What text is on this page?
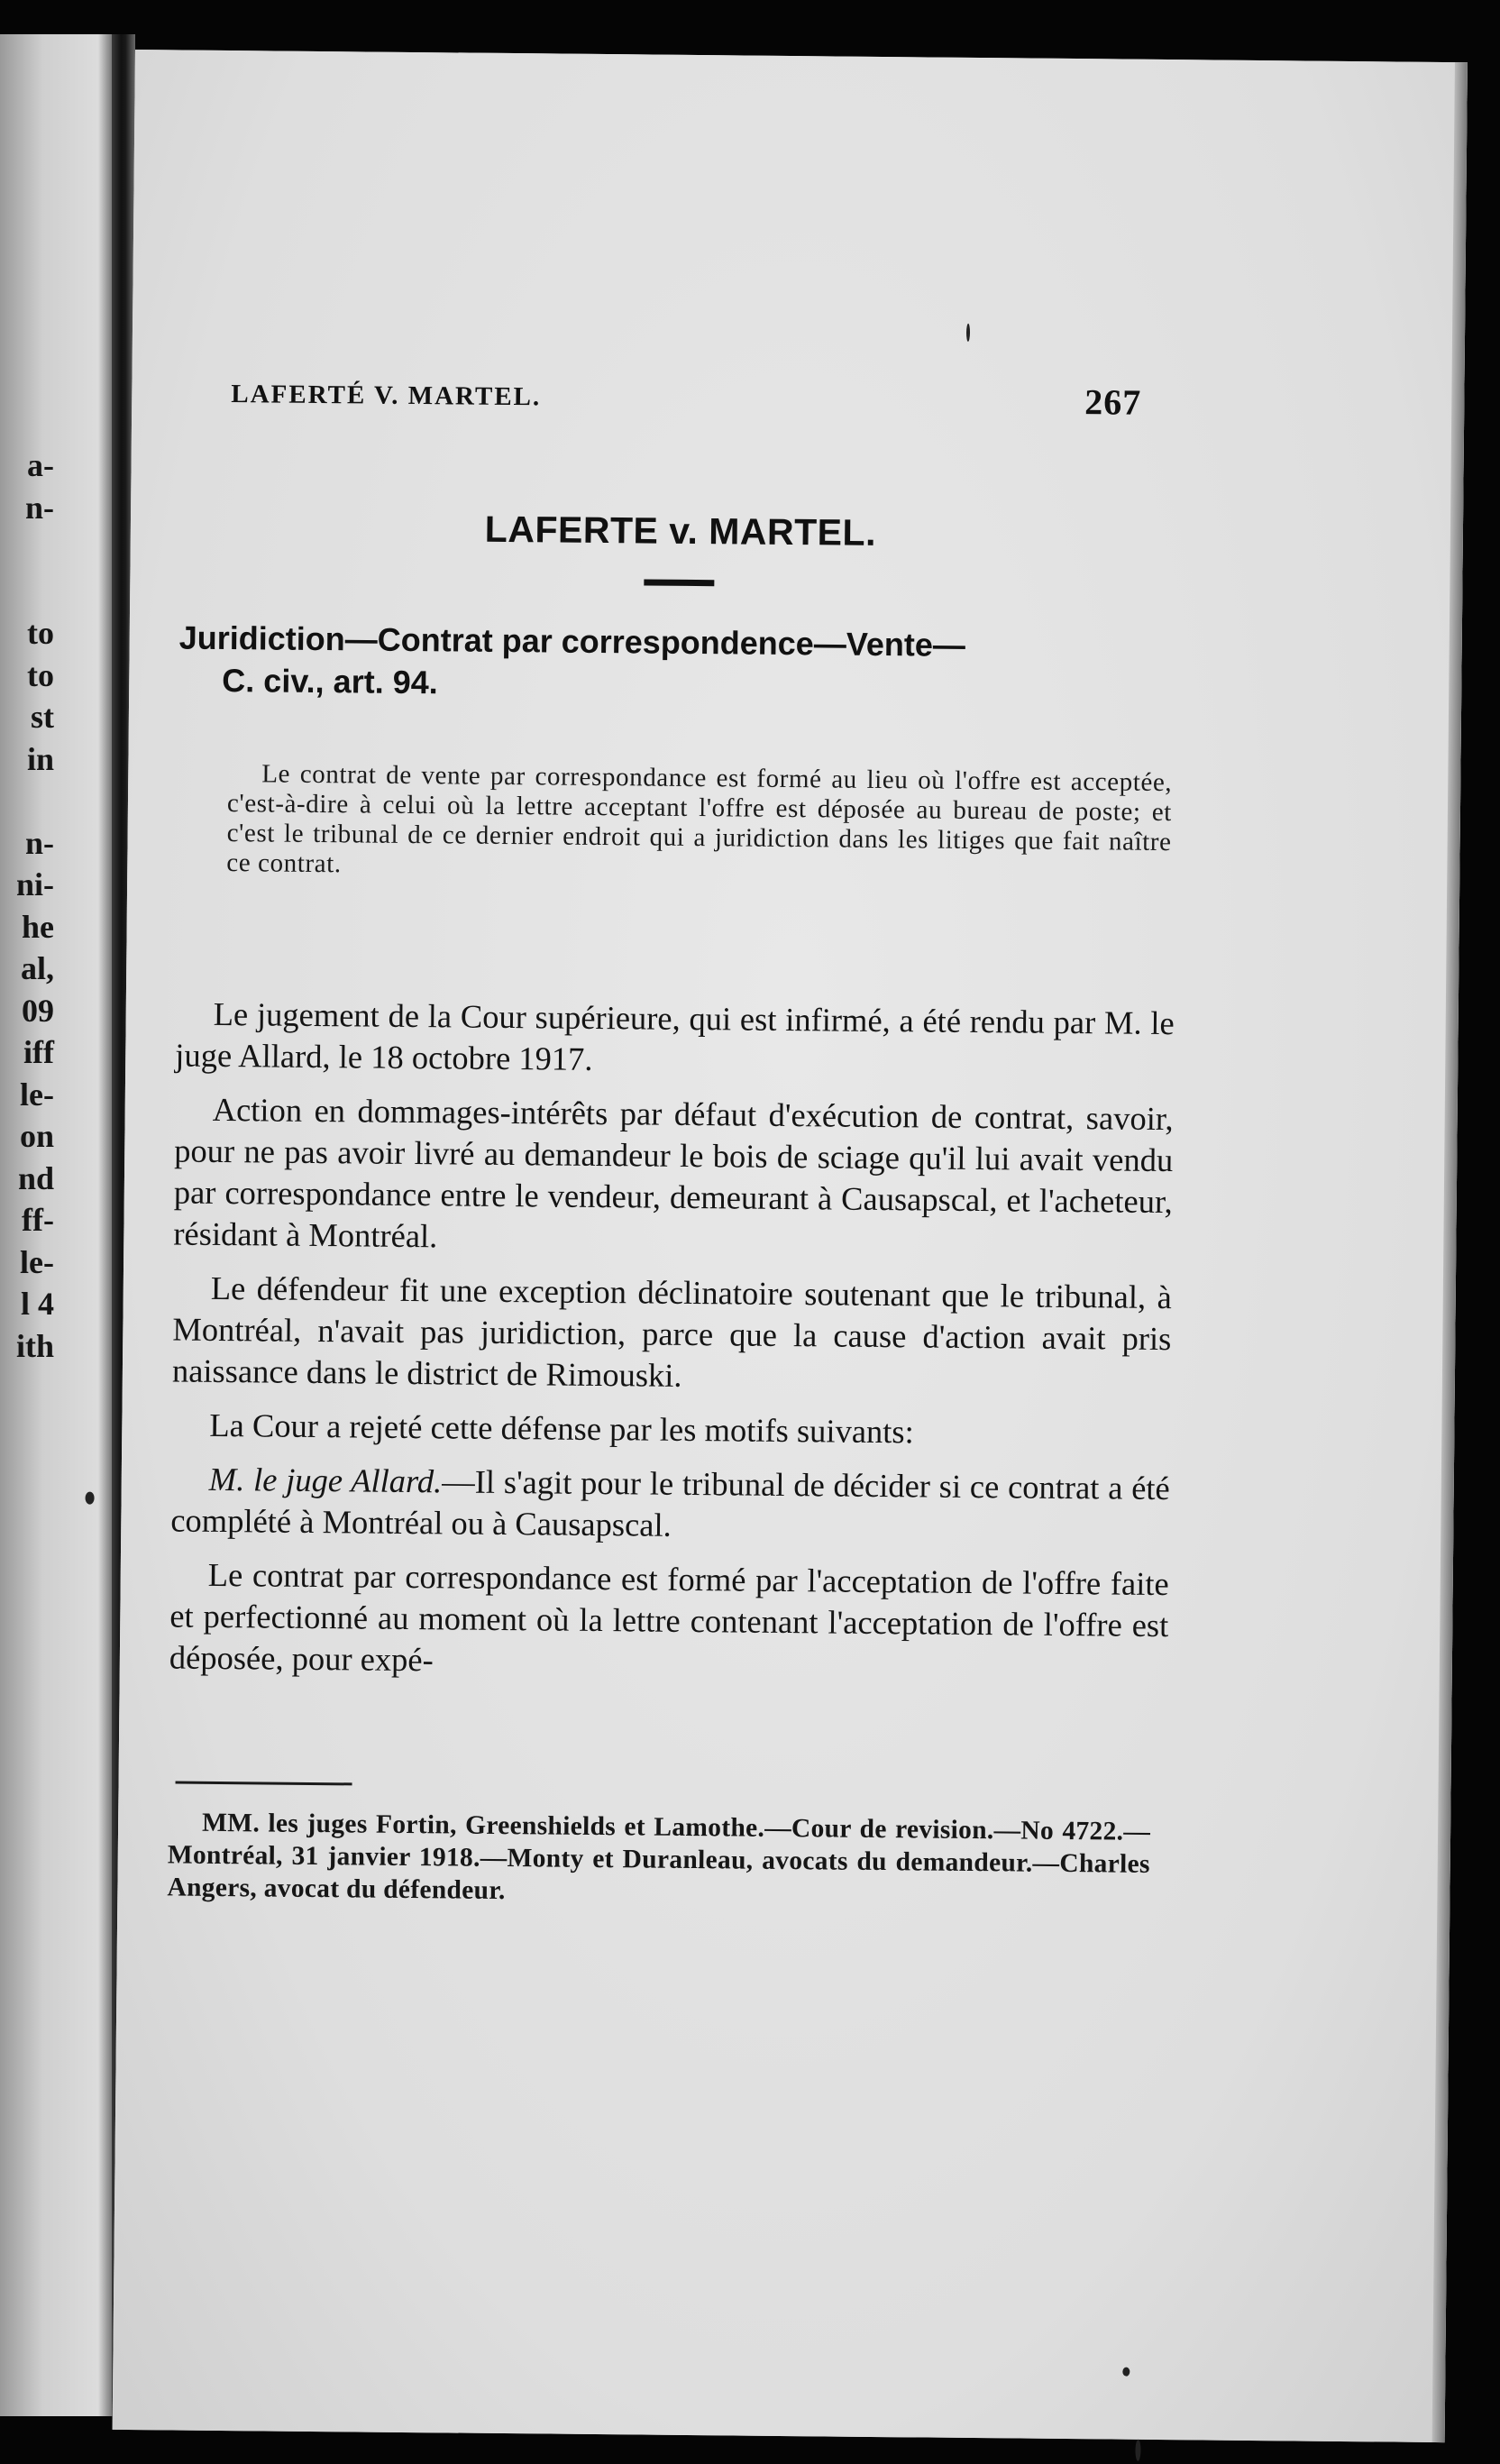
a-
n-
to
to
st
in
n-
ni-
he
al,
09
iff
le-
on
nd
ff-
le-
l 4
ith
LAFERTÉ V. MARTEL.	267
LAFERTE v. MARTEL.
Juridiction—Contrat par correspondence—Vente—
C. civ., art. 94.
Le contrat de vente par correspondance est formé au lieu où l'offre est acceptée, c'est-à-dire à celui où la lettre acceptant l'offre est déposée au bureau de poste; et c'est le tribunal de ce dernier endroit qui a juridiction dans les litiges que fait naître ce contrat.

Le jugement de la Cour supérieure, qui est infirmé, a été rendu par M. le juge Allard, le 18 octobre 1917.

Action en dommages-intérêts par défaut d'exécution de contrat, savoir, pour ne pas avoir livré au demandeur le bois de sciage qu'il lui avait vendu par correspondance entre le vendeur, demeurant à Causapscal, et l'acheteur, résidant à Montréal.

Le défendeur fit une exception déclinatoire soutenant que le tribunal, à Montréal, n'avait pas juridiction, parce que la cause d'action avait pris naissance dans le district de Rimouski.

La Cour a rejeté cette défense par les motifs suivants:

M. le juge Allard.—Il s'agit pour le tribunal de décider si ce contrat a été complété à Montréal ou à Causapscal.

Le contrat par correspondance est formé par l'acceptation de l'offre faite et perfectionné au moment où la lettre contenant l'acceptation de l'offre est déposée, pour expé-

MM. les juges Fortin, Greenshields et Lamothe.—Cour de revision.—No 4722.—Montréal, 31 janvier 1918.—Monty et Duranleau, avocats du demandeur.—Charles Angers, avocat du défendeur.
